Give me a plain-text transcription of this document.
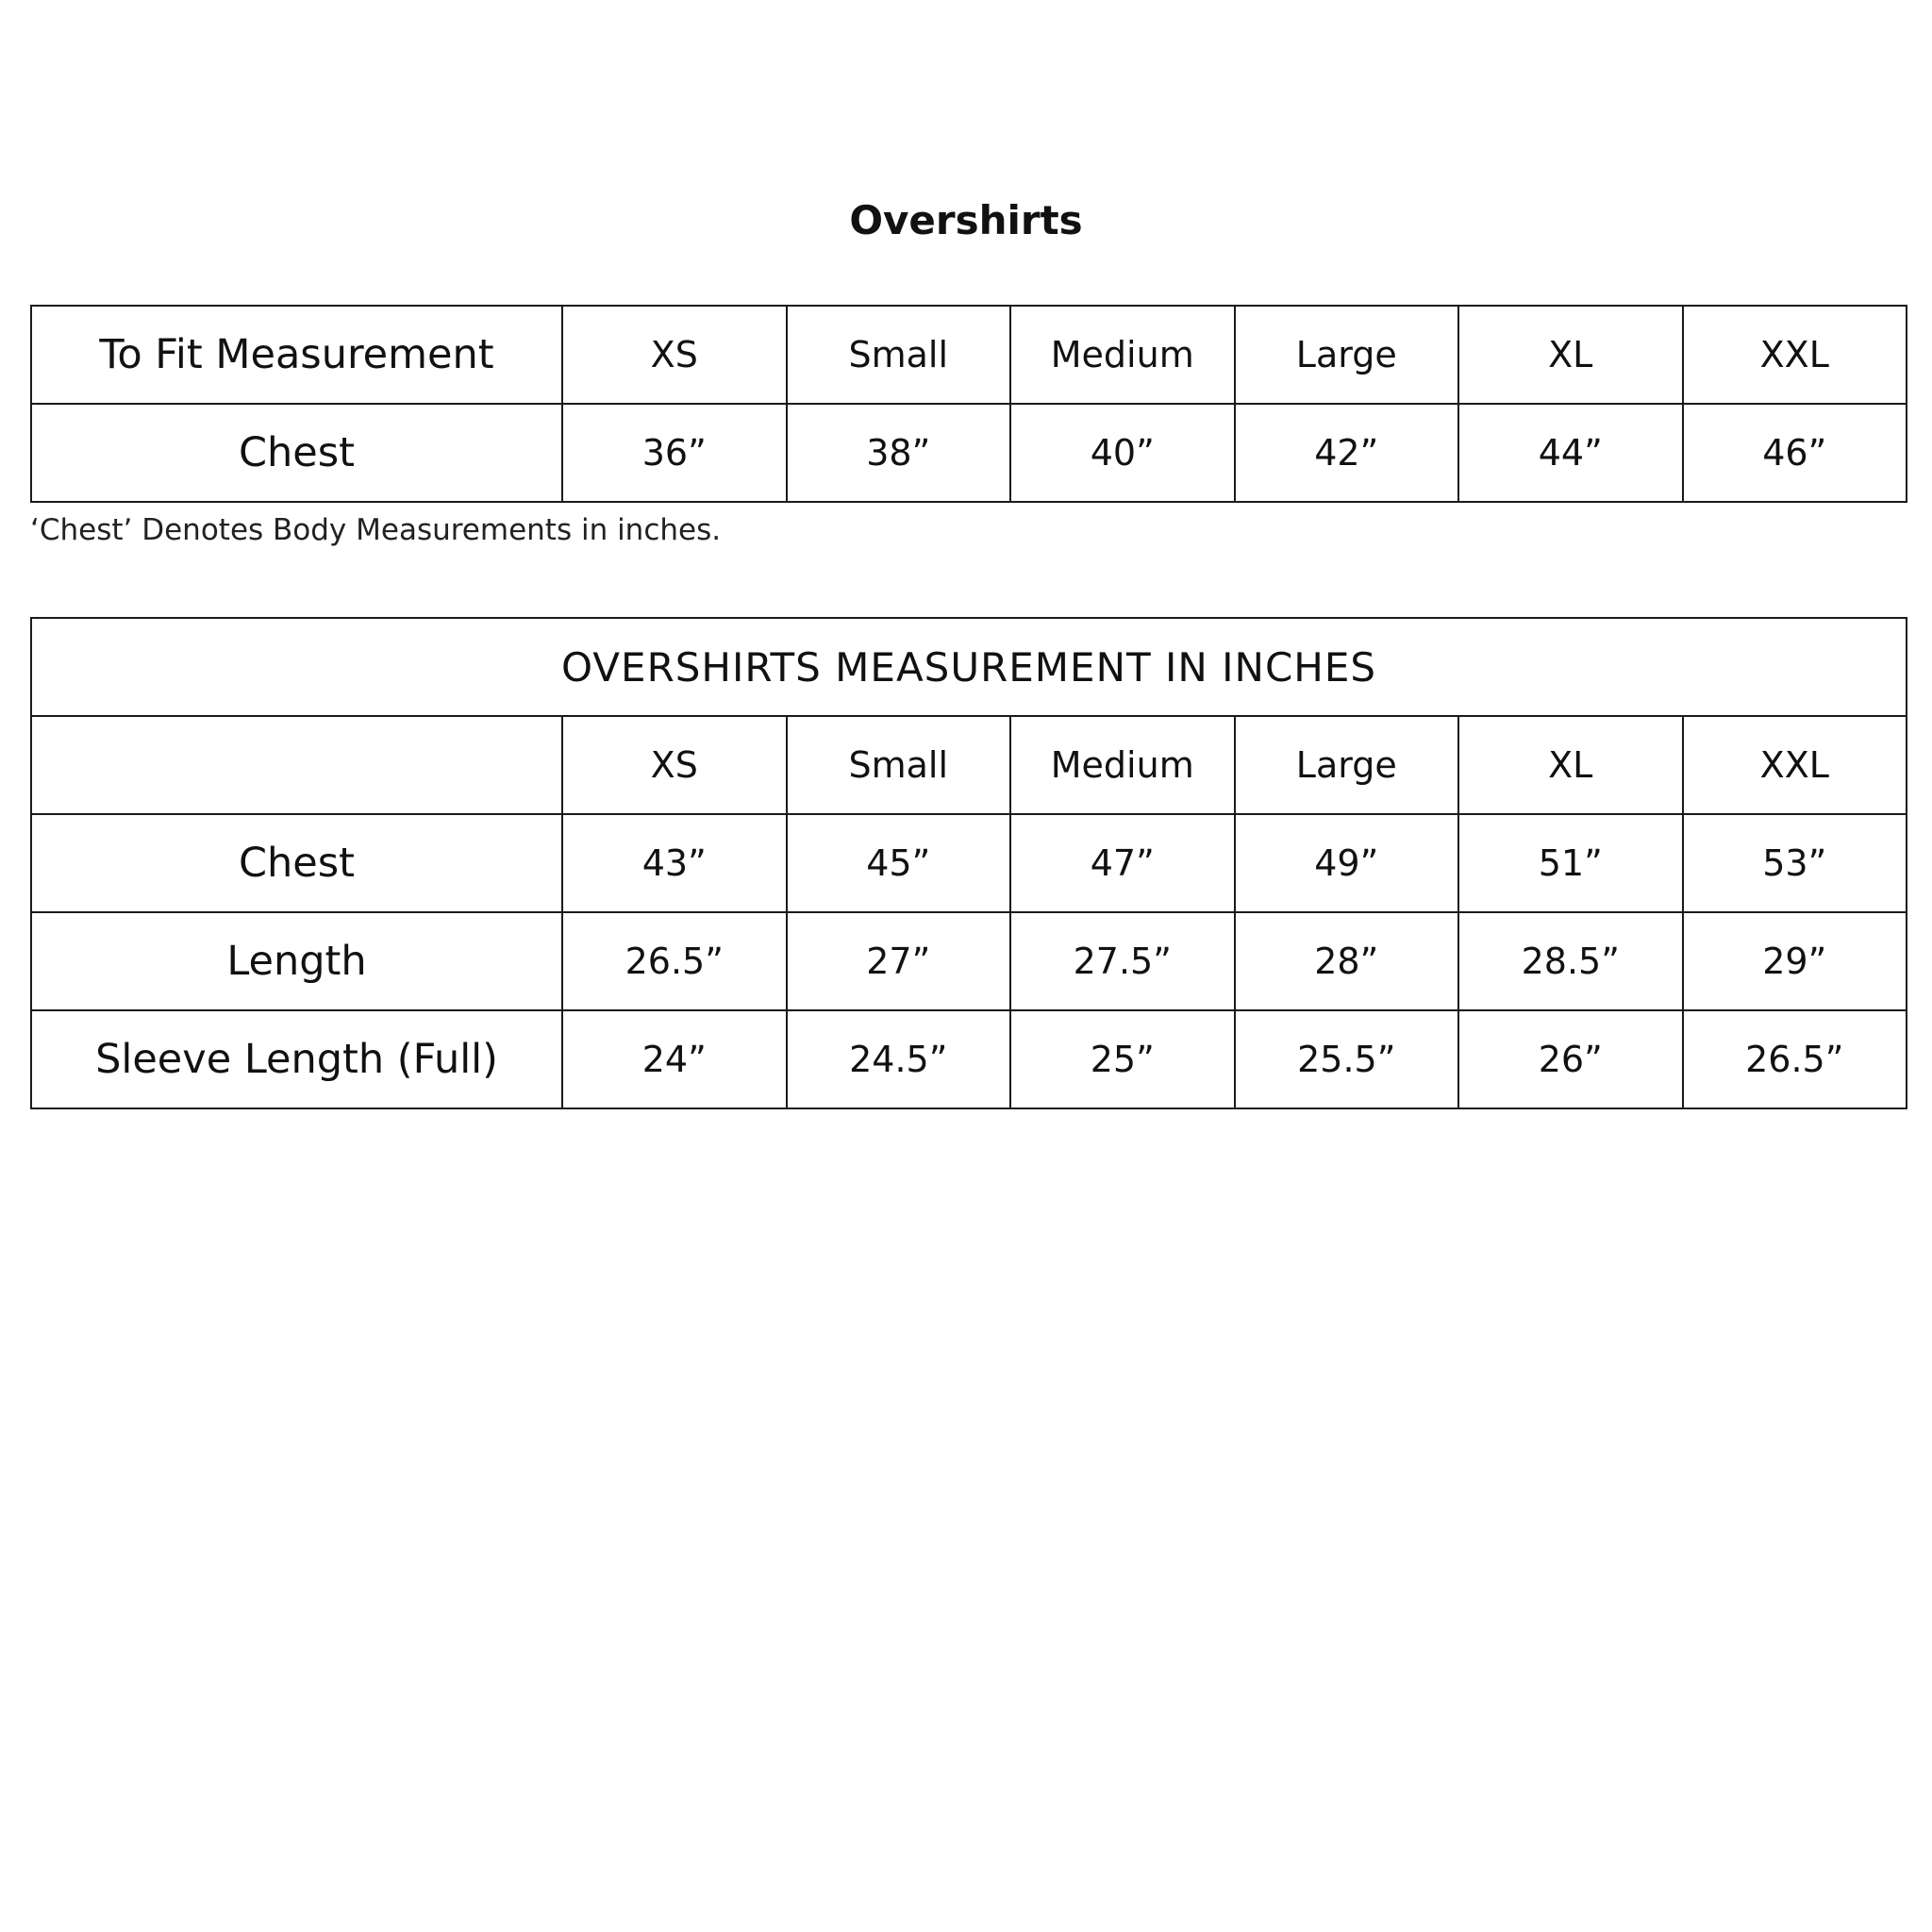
Overshirts
To Fit Measurement	XS	Small	Medium	Large	XL	XXL
Chest	36”	38”	40”	42”	44”	46”
‘Chest’ Denotes Body Measurements in inches.
OVERSHIRTS MEASUREMENT IN INCHES						
	XS	Small	Medium	Large	XL	XXL
Chest	43”	45”	47”	49”	51”	53”
Length	26.5”	27”	27.5”	28”	28.5”	29”
Sleeve Length (Full)	24”	24.5”	25”	25.5”	26”	26.5”
